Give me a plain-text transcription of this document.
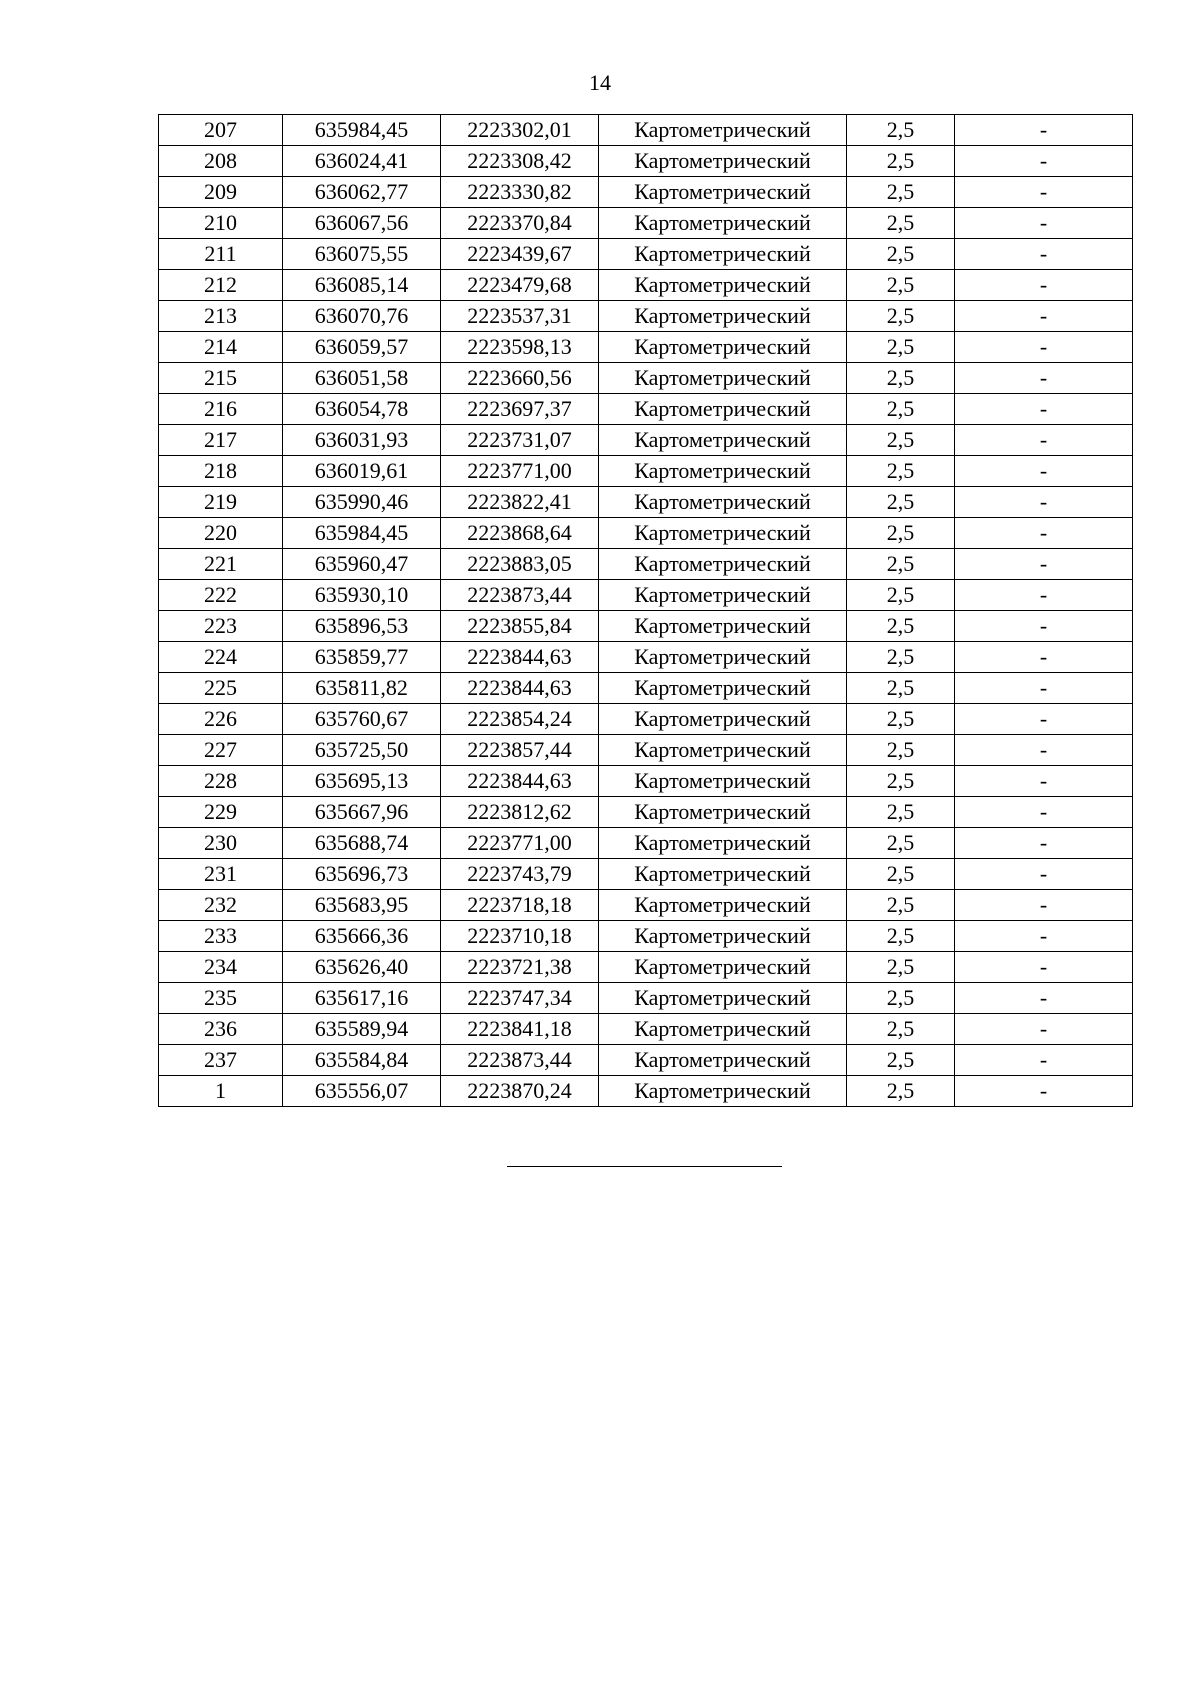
14
207	635984,45	2223302,01	Картометрический	2,5	-
208	636024,41	2223308,42	Картометрический	2,5	-
209	636062,77	2223330,82	Картометрический	2,5	-
210	636067,56	2223370,84	Картометрический	2,5	-
211	636075,55	2223439,67	Картометрический	2,5	-
212	636085,14	2223479,68	Картометрический	2,5	-
213	636070,76	2223537,31	Картометрический	2,5	-
214	636059,57	2223598,13	Картометрический	2,5	-
215	636051,58	2223660,56	Картометрический	2,5	-
216	636054,78	2223697,37	Картометрический	2,5	-
217	636031,93	2223731,07	Картометрический	2,5	-
218	636019,61	2223771,00	Картометрический	2,5	-
219	635990,46	2223822,41	Картометрический	2,5	-
220	635984,45	2223868,64	Картометрический	2,5	-
221	635960,47	2223883,05	Картометрический	2,5	-
222	635930,10	2223873,44	Картометрический	2,5	-
223	635896,53	2223855,84	Картометрический	2,5	-
224	635859,77	2223844,63	Картометрический	2,5	-
225	635811,82	2223844,63	Картометрический	2,5	-
226	635760,67	2223854,24	Картометрический	2,5	-
227	635725,50	2223857,44	Картометрический	2,5	-
228	635695,13	2223844,63	Картометрический	2,5	-
229	635667,96	2223812,62	Картометрический	2,5	-
230	635688,74	2223771,00	Картометрический	2,5	-
231	635696,73	2223743,79	Картометрический	2,5	-
232	635683,95	2223718,18	Картометрический	2,5	-
233	635666,36	2223710,18	Картометрический	2,5	-
234	635626,40	2223721,38	Картометрический	2,5	-
235	635617,16	2223747,34	Картометрический	2,5	-
236	635589,94	2223841,18	Картометрический	2,5	-
237	635584,84	2223873,44	Картометрический	2,5	-
1	635556,07	2223870,24	Картометрический	2,5	-
